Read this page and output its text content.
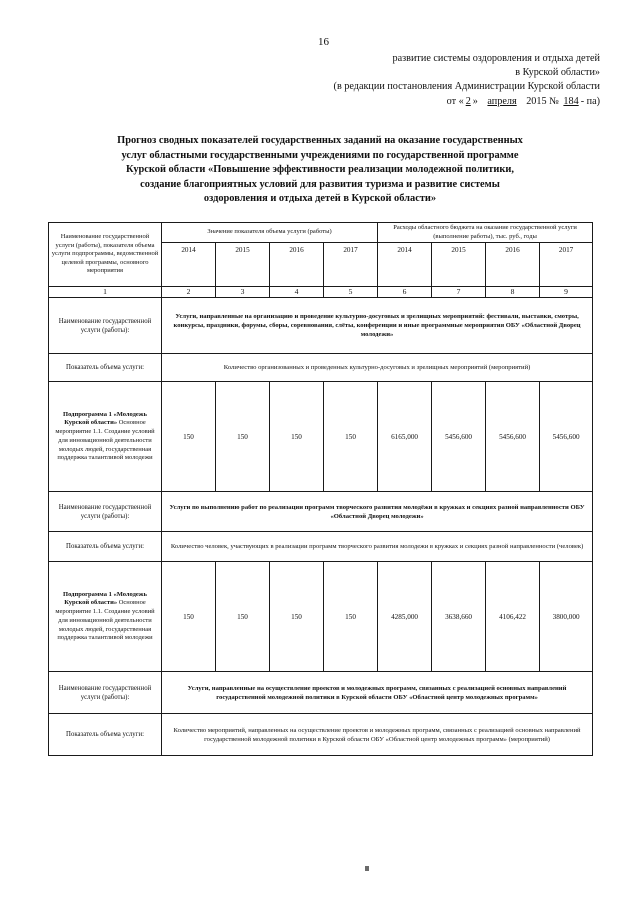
16
развитие системы оздоровления и отдыха детей
в Курской области»
(в редакции постановления Администрации Курской области
от « 2 » апреля 2015 № 184 - па)
Прогноз сводных показателей государственных заданий на оказание государственных
услуг областными государственными учреждениями по государственной программе
Курской области «Повышение эффективности реализации молодежной политики,
создание благоприятных условий для развития туризма и развитие системы
оздоровления и отдыха детей в Курской области»
Наименование государственной услуги (работы), показателя объема услуги подпрограммы, ведомственной целевой программы, основного мероприятия	Значение показателя объема услуги (работы)				Расходы областного бюджета на оказание государственной услуги (выполнение работы), тыс. руб., годы			
	2014	2015	2016	2017	2014	2015	2016	2017
1	2	3	4	5	6	7	8	9
Наименование государственной услуги (работы):	Услуги, направленные на организацию и проведение культурно-досуговых и зрелищных мероприятий: фестивали, выставки, смотры, конкурсы, праздники, форумы, сборы, соревнования, слёты, конференции и иные программные мероприятия ОБУ «Областной Дворец молодежи»							
Показатель объема услуги:	Количество организованных и проведенных культурно-досуговых и зрелищных мероприятий (мероприятий)							
Подпрограмма 1 «Молодежь Курской области» Основное мероприятие 1.1. Создание условий для инновационной деятельности молодых людей, государственная поддержка талантливой молодежи	150	150	150	150	6165,000	5456,600	5456,600	5456,600
Наименование государственной услуги (работы):	Услуги по выполнению работ по реализации программ творческого развития молодёжи в кружках и секциях разной направленности ОБУ «Областной Дворец молодежи»							
Показатель объема услуги:	Количество человек, участвующих в реализации программ творческого развития молодежи в кружках и секциях разной направленности (человек)							
Подпрограмма 1 «Молодежь Курской области» Основное мероприятие 1.1. Создание условий для инновационной деятельности молодых людей, государственная поддержка талантливой молодежи	150	150	150	150	4285,000	3638,660	4106,422	3800,000
Наименование государственной услуги (работы):	Услуги, направленные на осуществление проектов и молодежных программ, связанных с реализацией основных направлений государственной молодежной политики в Курской области ОБУ «Областной центр молодежных программ»							
Показатель объема услуги:	Количество мероприятий, направленных на осуществление проектов и молодежных программ, связанных с реализацией основных направлений государственной молодежной политики в Курской области ОБУ «Областной центр молодежных программ» (мероприятий)							
